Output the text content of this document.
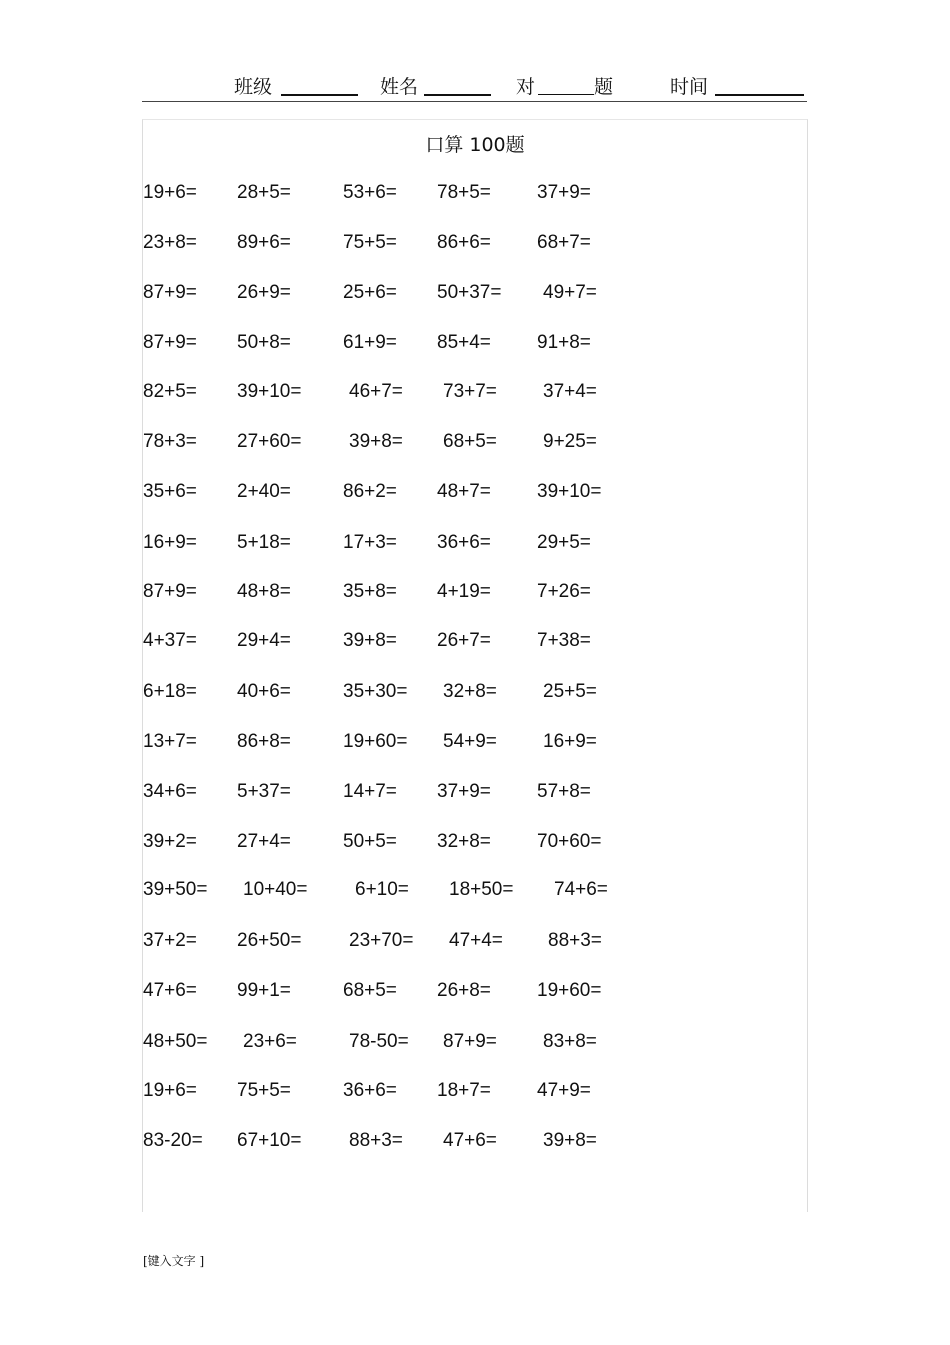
班级	姓名	对	题	时间
口算 100题
19+6= 28+5=	53+6= 78+5= 37+9=
23+8= 89+6=	75+5= 86+6= 68+7=
87+9= 26+9=	25+6= 50+37= 49+7=
87+9= 50+8=	61+9= 85+4= 91+8=
82+5= 39+10=	46+7= 73+7= 37+4=
78+3= 27+60=	39+8= 68+5= 9+25=
35+6= 2+40=	86+2= 48+7= 39+10=
16+9= 5+18=	17+3= 36+6= 29+5=
87+9= 48+8=	35+8= 4+19= 7+26=
4+37= 29+4=	39+8= 26+7= 7+38=
6+18= 40+6=	35+30= 32+8= 25+5=
13+7= 86+8=	19+60= 54+9= 16+9=
34+6= 5+37=	14+7= 37+9= 57+8=
39+2= 27+4=	50+5= 32+8= 70+60=
39+50= 10+40=	6+10= 18+50= 74+6=
37+2= 26+50=	23+70= 47+4= 88+3=
47+6= 99+1=	68+5= 26+8= 19+60=
48+50= 23+6=	78-50= 87+9= 83+8=
19+6= 75+5=	36+6= 18+7= 47+9=
83-20= 67+10=	88+3= 47+6= 39+8=
[键入文字 ]
